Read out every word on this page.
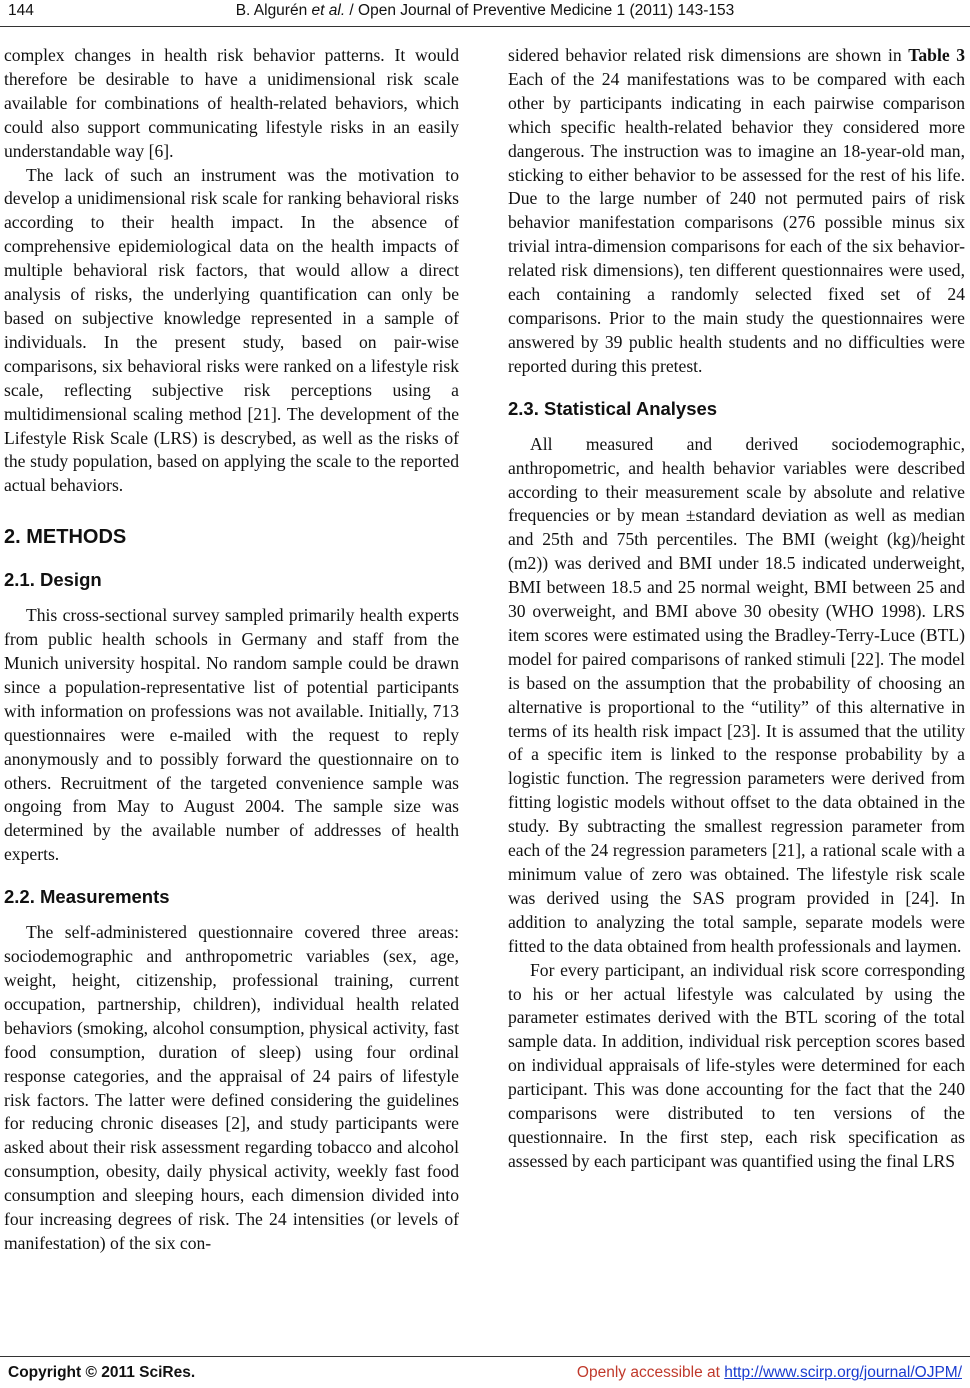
144	B. Algurén et al. / Open Journal of Preventive Medicine 1 (2011) 143-153

complex changes in health risk behavior patterns. It would therefore be desirable to have a unidimensional risk scale available for combinations of health-related behaviors, which could also support communicating lifestyle risks in an easily understandable way [6].

The lack of such an instrument was the motivation to develop a unidimensional risk scale for ranking behavioral risks according to their health impact. In the absence of comprehensive epidemiological data on the health impacts of multiple behavioral risk factors, that would allow a direct analysis of risks, the underlying quantification can only be based on subjective knowledge represented in a sample of individuals. In the present study, based on pair-wise comparisons, six behavioral risks were ranked on a lifestyle risk scale, reflecting subjective risk perceptions using a multidimensional scaling method [21]. The development of the Lifestyle Risk Scale (LRS) is descrybed, as well as the risks of the study population, based on applying the scale to the reported actual behaviors.

2. METHODS
2.1. Design

This cross-sectional survey sampled primarily health experts from public health schools in Germany and staff from the Munich university hospital. No random sample could be drawn since a population-representative list of potential participants with information on professions was not available. Initially, 713 questionnaires were e-mailed with the request to reply anonymously and to possibly forward the questionnaire on to others. Recruitment of the targeted convenience sample was ongoing from May to August 2004. The sample size was determined by the available number of addresses of health experts.

2.2. Measurements

The self-administered questionnaire covered three areas: sociodemographic and anthropometric variables (sex, age, weight, height, citizenship, professional training, current occupation, partnership, children), individual health related behaviors (smoking, alcohol consumption, physical activity, fast food consumption, duration of sleep) using four ordinal response categories, and the appraisal of 24 pairs of lifestyle risk factors. The latter were defined considering the guidelines for reducing chronic diseases [2], and study participants were asked about their risk assessment regarding tobacco and alcohol consumption, obesity, daily physical activity, weekly fast food consumption and sleeping hours, each dimension divided into four increasing degrees of risk. The 24 intensities (or levels of manifestation) of the six con-

sidered behavior related risk dimensions are shown in Table 3 Each of the 24 manifestations was to be compared with each other by participants indicating in each pairwise comparison which specific health-related behavior they considered more dangerous. The instruction was to imagine an 18-year-old man, sticking to either behavior to be assessed for the rest of his life. Due to the large number of 240 not permuted pairs of risk behavior manifestation comparisons (276 possible minus six trivial intra-dimension comparisons for each of the six behavior-related risk dimensions), ten different questionnaires were used, each containing a randomly selected fixed set of 24 comparisons. Prior to the main study the questionnaires were answered by 39 public health students and no difficulties were reported during this pretest.

2.3. Statistical Analyses

All measured and derived sociodemographic, anthropometric, and health behavior variables were described according to their measurement scale by absolute and relative frequencies or by mean ±standard deviation as well as median and 25th and 75th percentiles. The BMI (weight (kg)/height (m2)) was derived and BMI under 18.5 indicated underweight, BMI between 18.5 and 25 normal weight, BMI between 25 and 30 overweight, and BMI above 30 obesity (WHO 1998). LRS item scores were estimated using the Bradley-Terry-Luce (BTL) model for paired comparisons of ranked stimuli [22]. The model is based on the assumption that the probability of choosing an alternative is proportional to the “utility” of this alternative in terms of its health risk impact [23]. It is assumed that the utility of a specific item is linked to the response probability by a logistic function. The regression parameters were derived from fitting logistic models without offset to the data obtained in the study. By subtracting the smallest regression parameter from each of the 24 regression parameters [21], a rational scale with a minimum value of zero was obtained. The lifestyle risk scale was derived using the SAS program provided in [24]. In addition to analyzing the total sample, separate models were fitted to the data obtained from health professionals and laymen.

For every participant, an individual risk score corresponding to his or her actual lifestyle was calculated by using the parameter estimates derived with the BTL scoring of the total sample data. In addition, individual risk perception scores based on individual appraisals of life-styles were determined for each participant. This was done accounting for the fact that the 240 comparisons were distributed to ten versions of the questionnaire. In the first step, each risk specification as assessed by each participant was quantified using the final LRS

Copyright © 2011 SciRes.	Openly accessible at http://www.scirp.org/journal/OJPM/
